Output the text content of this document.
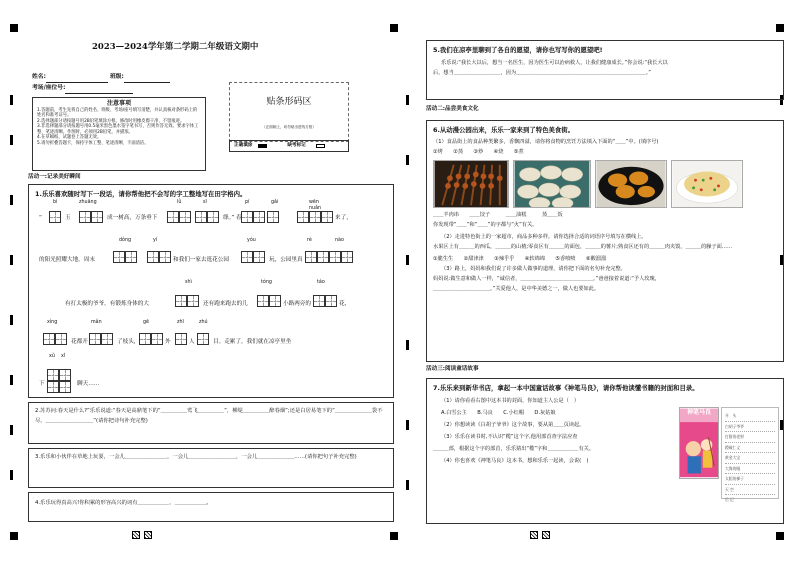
2023—2024学年第二学期二年级语文期中
姓名:	班级:
考场/座位号:
注意事项
1.答题前，考生先将自己的姓名、班级、考场/座号填写清楚，并认真核对条形码上的姓名和准考证号。
2.选择题部分请按题号用2B铅笔填涂方框，修改时用橡皮擦干净，不留痕迹。
3.非选择题部分请按题号用0.5毫米黑色墨水签字笔书写，否则作答无效。要求字体工整、笔迹清晰。作图时，必须用2B铅笔，并描浓。
4.在草稿纸、试题卷上答题无效。
5.请勿折叠答题卡，保持字体工整、笔迹清晰、卡面清洁。
贴条形码区
（正面朝上，切勿贴出虚线方框）
正确填涂	缺考标记
活动一:记录美好瞬间
1.乐乐喜欢随时写下一段话，请你帮他把不会写的字工整地写在田字格内。
“
bì	zhuāng
玉	成一树高，万条垂下
lǜ	sī
绦。” 春
pí	gǎi	wēn nuǎn
来了，
的阳光照耀大地。周末
dǒng	yí
和我们一家去逛花公园
yóu
玩，公园里真
rè	nào
shì
有打太极的爷爷，有锻炼身体的大	还有跑来跑去的儿
tóng
小路两旁的
táo
花，
xìng
花都开
mǎn
了枝头，
gē
外
zhī
人
zhú
目。走累了，我们就在凉亭里坐
下
xǔ xǐ
聊天……
2.苏苏问:春天是什么?”乐乐说道:“春天是高鼎笔下的“＿＿＿＿＿莺飞＿＿＿＿＿”，柳堤＿＿＿＿＿醉春烟”;还是白居易笔下的“＿＿＿＿＿＿＿袋不尽，＿＿＿＿＿＿＿＿＿”(请你把诗句补充完整)
3.乐乐和小伙伴在草地上玩耍，一会儿＿＿＿＿＿＿＿＿，一会儿＿＿＿＿＿＿＿＿＿，一会儿＿＿＿＿＿＿＿……(请你把句子补充完整)
4.乐乐玩得真高兴!你积累的形容高兴的词有＿＿＿＿＿＿、＿＿＿＿＿＿。
5.我们在凉亭里聊到了各自的愿望，请你也写写你的愿望吧!
乐乐说:“我长大以后，想当一名医生，因为医生可以治病救人，让我们健康成长。”你会说:“我长大以
后，想当＿＿＿＿＿＿＿＿＿，因为＿＿＿＿＿＿＿＿＿＿＿＿＿＿＿＿＿＿＿＿＿＿＿＿＿。”
活动二:品尝美食文化
6.从动漫公园出来，乐乐一家来到了特色美食街。
（1）食品街上的食品种类繁多，香飘四溢，请你将食物的烹饪方法填入下面的“＿＿”中。(填序号)
①烤　　②蒸　　③炒　　④烧　　⑤煮
＿＿羊肉串　　＿＿饺子　　　＿＿油糕　　　蒸＿＿饭
你发现带“＿＿”和“＿＿”的字都与“火”有关。
（2）走进特色街上的一家超市，商品多种多样。请你选择合适的词语序号填写在横线上。
水果区上有＿＿＿的西瓜，＿＿＿的山楂;零食区有＿＿＿的面包，＿＿＿的薯片;熟食区还有的＿＿＿肉夹馍，＿＿＿的臊子面……
①脆生生　　②甜津津　　③辣乎乎　　④软绵绵　　⑤香喷喷　　⑥酸溜溜
（3）路上，妈妈和我们说了许多做人做事的道理，请你把下面的名句补充完整。
妈妈说:做生意和做人一样，“诚信者，＿＿＿＿＿＿＿＿＿＿＿＿＿＿。”爸爸接着说道:“予人玫瑰，
＿＿＿＿＿＿＿＿＿＿＿。”关爱他人，是中华美德之一，做人也要如此。
活动三:阅读童话故事
7.乐乐来到新华书店，拿起一本中国童话故事《神笔马良》，请你帮他读懂书籍的封面和目录。
（1）请你看看右图中这本书的封面，你知道主人公是（　）
A.白雪公主　　B.马良　　C.小红帽　　D.灰姑娘
（2）你想读读《白胡子爷爷》这个故事，要从第＿＿页读起。
（3）乐乐在读书时,不认识“榄”这个字,他用部首查字法应查
＿＿＿部，根据这个字的部首，乐乐猜出“榄”字和＿＿＿＿＿＿有关。
（4）你也喜欢《神笔马良》这本书，想和乐乐一起读，会说(　)
神笔马良	开　头
白胡子爷爷
打猎的老财
蹬破仁义
黄金大宝
大海的眼
太阳的梯子
天 空
后 记
